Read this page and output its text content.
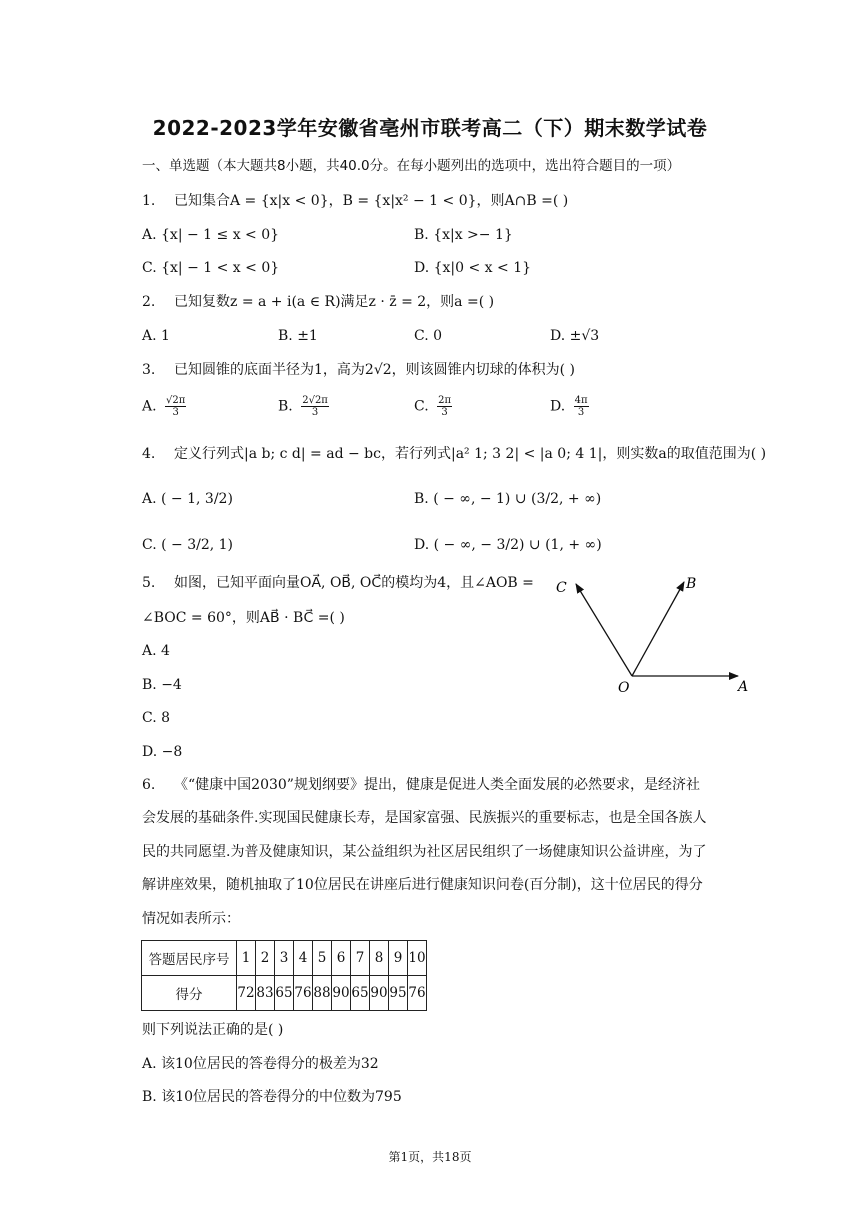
2022-2023学年安徽省亳州市联考高二（下）期末数学试卷
一、单选题（本大题共8小题，共40.0分。在每小题列出的选项中，选出符合题目的一项）
1. 已知集合A = {x|x < 0}，B = {x|x² − 1 < 0}，则A∩B =( )
A. {x| − 1 ≤ x < 0}	B. {x|x >− 1}
C. {x| − 1 < x < 0}	D. {x|0 < x < 1}
2. 已知复数z = a + i(a ∈ R)满足z · z̄ = 2，则a =( )
A. 1	B. ±1	C. 0	D. ±√3
3. 已知圆锥的底面半径为1，高为2√2，则该圆锥内切球的体积为( )
A. $\frac{√2\pi}{3}$	B. $\frac{2√2\pi}{3}$	C. $\frac{2\pi}{3}$	D. $\frac{4\pi}{3}$
4. 定义行列式|a b; c d| = ad − bc，若行列式|a² 1; 3 2| < |a 0; 4 1|，则实数a的取值范围为( )
A. ( − 1, 3/2)	B. ( − ∞, − 1) ∪ (3/2, + ∞)
C. ( − 3/2, 1)	D. ( − ∞, − 3/2) ∪ (1, + ∞)
5. 如图，已知平面向量OA⃗, OB⃗, OC⃗的模均为4，且∠AOB =
∠BOC = 60°，则AB⃗ · BC⃗ =( )
A. 4
B. −4
C. 8
D. −8
C	B
O	A
6. 《“健康中国2030”规划纲要》提出，健康是促进人类全面发展的必然要求，是经济社
会发展的基础条件.实现国民健康长寿，是国家富强、民族振兴的重要标志，也是全国各族人
民的共同愿望.为普及健康知识，某公益组织为社区居民组织了一场健康知识公益讲座，为了
解讲座效果，随机抽取了10位居民在讲座后进行健康知识问卷(百分制)，这十位居民的得分
情况如表所示：
答题居民序号	1	2	3	4	5	6	7	8	9	10
得分	72	83	65	76	88	90	65	90	95	76
则下列说法正确的是( )
A. 该10位居民的答卷得分的极差为32
B. 该10位居民的答卷得分的中位数为795
第1页，共18页
